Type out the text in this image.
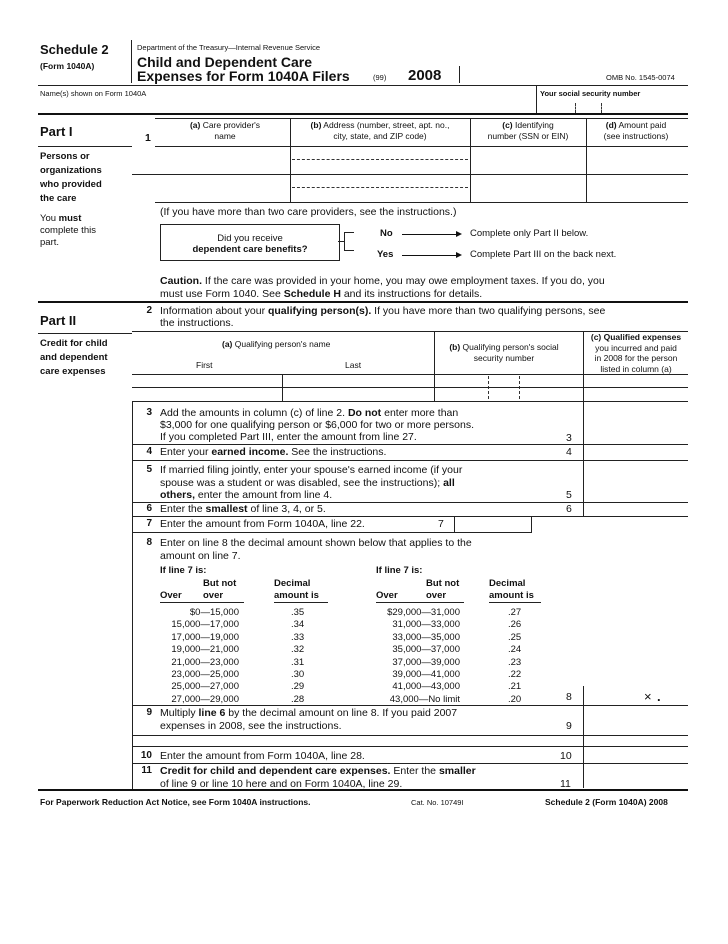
Schedule 2
(Form 1040A)
Department of the Treasury—Internal Revenue Service
Child and Dependent Care
Expenses for Form 1040A Filers	(99) 2008	OMB No. 1545-0074
Name(s) shown on Form 1040A	Your social security number
Part I
Persons or
organizations
who provided
the care
You must
complete this
part.
1
(a) Care provider's
name
(b) Address (number, street, apt. no.,
city, state, and ZIP code)
(c) Identifying
number (SSN or EIN)
(d) Amount paid
(see instructions)
(If you have more than two care providers, see the instructions.)
Did you receive
dependent care benefits?
No	Complete only Part II below.
Yes	Complete Part III on the back next.
Caution. If the care was provided in your home, you may owe employment taxes. If you do, you
must use Form 1040. See Schedule H and its instructions for details.
Part II
Credit for child
and dependent
care expenses
2 Information about your qualifying person(s). If you have more than two qualifying persons, see
the instructions.
(a) Qualifying person's name
First	Last
(b) Qualifying person's social
security number
(c) Qualified expenses
you incurred and paid
in 2008 for the person
listed in column (a)
3 Add the amounts in column (c) of line 2. Do not enter more than
$3,000 for one qualifying person or $6,000 for two or more persons.
If you completed Part III, enter the amount from line 27.	3
4 Enter your earned income. See the instructions.	4
5 If married filing jointly, enter your spouse's earned income (if your
spouse was a student or was disabled, see the instructions); all
others, enter the amount from line 4.	5
6 Enter the smallest of line 3, 4, or 5.	6
7 Enter the amount from Form 1040A, line 22.	7
8 Enter on line 8 the decimal amount shown below that applies to the
amount on line 7.
If line 7 is:
But not
Over over
Decimal
amount is
$0—15,000	.35
15,000—17,000	.34
17,000—19,000	.33
19,000—21,000	.32
21,000—23,000	.31
23,000—25,000	.30
25,000—27,000	.29
27,000—29,000	.28
If line 7 is:
But not
Over	over
Decimal
amount is
$29,000—31,000	.27
31,000—33,000	.26
33,000—35,000	.25
35,000—37,000	.24
37,000—39,000	.23
39,000—41,000	.22
41,000—43,000	.21
43,000—No limit	.20	8	× .
9 Multiply line 6 by the decimal amount on line 8. If you paid 2007
expenses in 2008, see the instructions.	9
10 Enter the amount from Form 1040A, line 28.	10
11 Credit for child and dependent care expenses. Enter the smaller
of line 9 or line 10 here and on Form 1040A, line 29.	11
For Paperwork Reduction Act Notice, see Form 1040A instructions.	Cat. No. 10749I	Schedule 2 (Form 1040A) 2008
